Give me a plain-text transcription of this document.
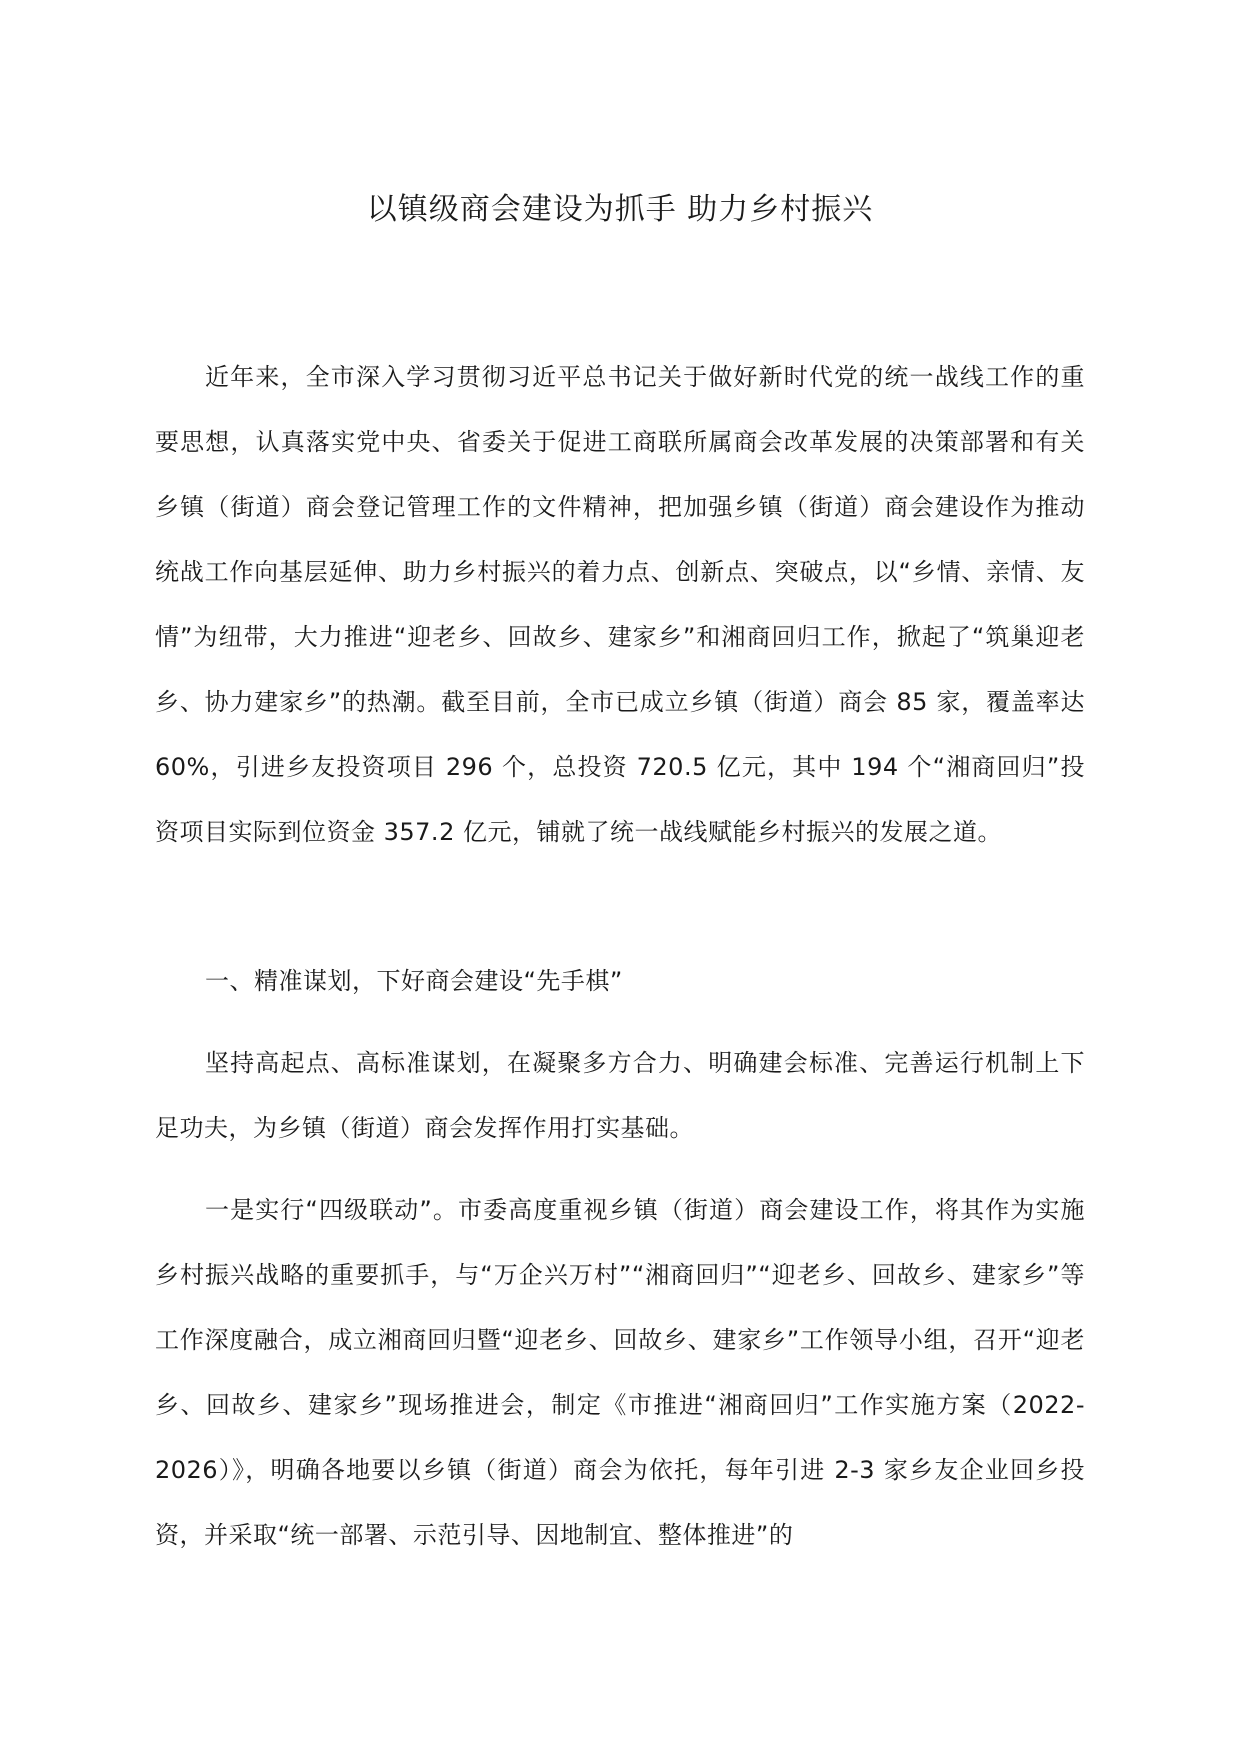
以镇级商会建设为抓手 助力乡村振兴

近年来，全市深入学习贯彻习近平总书记关于做好新时代党的统一战线工作的重要思想，认真落实党中央、省委关于促进工商联所属商会改革发展的决策部署和有关乡镇（街道）商会登记管理工作的文件精神，把加强乡镇（街道）商会建设作为推动统战工作向基层延伸、助力乡村振兴的着力点、创新点、突破点，以“乡情、亲情、友情”为纽带，大力推进“迎老乡、回故乡、建家乡”和湘商回归工作，掀起了“筑巢迎老乡、协力建家乡”的热潮。截至目前，全市已成立乡镇（街道）商会 85 家，覆盖率达 60%，引进乡友投资项目 296 个，总投资 720.5 亿元，其中 194 个“湘商回归”投资项目实际到位资金 357.2 亿元，铺就了统一战线赋能乡村振兴的发展之道。

一、精准谋划，下好商会建设“先手棋”

坚持高起点、高标准谋划，在凝聚多方合力、明确建会标准、完善运行机制上下足功夫，为乡镇（街道）商会发挥作用打实基础。

一是实行“四级联动”。市委高度重视乡镇（街道）商会建设工作，将其作为实施乡村振兴战略的重要抓手，与“万企兴万村”“湘商回归”“迎老乡、回故乡、建家乡”等工作深度融合，成立湘商回归暨“迎老乡、回故乡、建家乡”工作领导小组，召开“迎老乡、回故乡、建家乡”现场推进会，制定《市推进“湘商回归”工作实施方案（2022-2026）》，明确各地要以乡镇（街道）商会为依托，每年引进 2-3 家乡友企业回乡投资，并采取“统一部署、示范引导、因地制宜、整体推进”的
